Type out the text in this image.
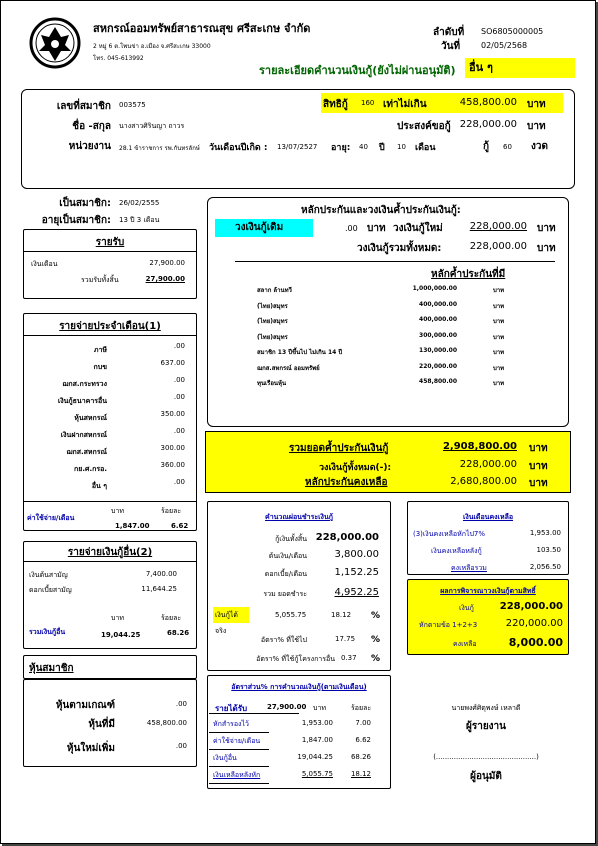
สหกรณ์ออมทรัพย์สาธารณสุข ศรีสะเกษ จำกัด
2 หมู่ 6 ต.โพนข่า อ.เมือง จ.ศรีสะเกษ 33000
โทร. 045-613992
ลำดับที่ SO6805000005
วันที่	02/05/2568
รายละเอียดคำนวนเงินกู้(ยังไม่ผ่านอนุมัติ)	อื่น ๆ
เลขที่สมาชิก 003575
ชื่อ -สกุล นางสาวศิรินญา ถาวร
หน่วยงาน 28.1 ข้าราชการ รพ.กันทรลักษ์
สิทธิกู้ 160 เท่าไม่เกิน	458,800.00 บาท
ประสงค์ขอกู้ 228,000.00 บาท
วันเดือนปีเกิด : 13/07/2527 อายุ: 40 ปี 10 เดือน	กู้ 60 งวด
เป็นสมาชิก: 26/02/2555
อายุเป็นสมาชิก: 13 ปี 3 เดือน
รายรับ
เงินเดือน	27,900.00
รวมรับทั้งสิ้น	27,900.00
รายจ่ายประจำเดือน(1)
ภาษี	.00
กบข	637.00
ฌกส.กระทรวง	.00
เงินกู้ธนาคารอื่น	.00
หุ้นสหกรณ์	350.00
เงินฝากสหกรณ์	.00
ฌกส.สหกรณ์	300.00
กย.ศ.กรอ.	360.00
อื่น ๆ	.00
บาท	ร้อยละ
ค่าใช้จ่าย/เดือน
1,847.00	6.62
รายจ่ายเงินกู้อื่น(2)
เงินต้นสามัญ	7,400.00
ดอกเบี้ยสามัญ	11,644.25
บาท	ร้อยละ
รวมเงินกู้อื่น	19,044.25	68.26
หุ้นสมาชิก
หุ้นตามเกณฑ์	.00
หุ้นที่มี	458,800.00
หุ้นใหม่เพิ่ม	.00
หลักประกันและวงเงินค้ำประกันเงินกู้:
วงเงินกู้เดิม	.00 บาท วงเงินกู้ใหม่	228,000.00 บาท
วงเงินกู้รวมทั้งหมด:	228,000.00 บาท
หลักค้ำประกันที่มี
สลาก ล้านทวี	1,000,000.00	บาท
(ไทย)สมุทร	400,000.00	บาท
(ไทย)สมุทร	400,000.00	บาท
(ไทย)สมุทร	300,000.00	บาท
สมาชิก 13 ปีขึ้นไป ไม่เกิน 14 ปี	130,000.00	บาท
ฌกส.สหกรณ์ ออมทรัพย์	220,000.00	บาท
ทุนเรือนหุ้น	458,800.00	บาท
รวมยอดค้ำประกันเงินกู้	2,908,800.00 บาท
วงเงินกู้ทั้งหมด(-):	228,000.00 บาท
หลักประกันคงเหลือ	2,680,800.00 บาท
คำนวณผ่อนชำระเงินกู้
กู้เงินทั้งสิ้น 228,000.00
ต้นเงิน/เดือน	3,800.00
ดอกเบี้ย/เดือน	1,152.25
รวม ยอดชำระ	4,952.25
เงินกู้ได้จริง
5,055.75	18.12 %
อัตรา% ที่ใช้ไป	17.75 %
อัตรา% ที่ใช้กู้โครงการอื่น 0.37 %
เงินเดือนคงเหลือ
(3)เงินคงเหลือหักไป7%	1,953.00
เงินคงเหลือหลังกู้	103.50
คงเหลือรวม	2,056.50
ผลการพิจารณาวงเงินกู้ตามสิทธิ์
เงินกู้	228,000.00
หักตามข้อ 1+2+3	220,000.00
คงเหลือ	8,000.00
อัตราส่วน% การคำนวณเงินกู้(ตามเงินเดือน)
รายได้รับ	27,900.00 บาท	ร้อยละ
หักสำรองไว้	1,953.00	7.00
ค่าใช้จ่าย/เดือน	1,847.00	6.62
เงินกู้อื่น	19,044.25	68.26
เงินเหลือหลังหัก	5,055.75	18.12
นายพงศ์ศิตุพงษ์ เหลาดี
ผู้รายงาน
(.............................................)
ผู้อนุมัติ
